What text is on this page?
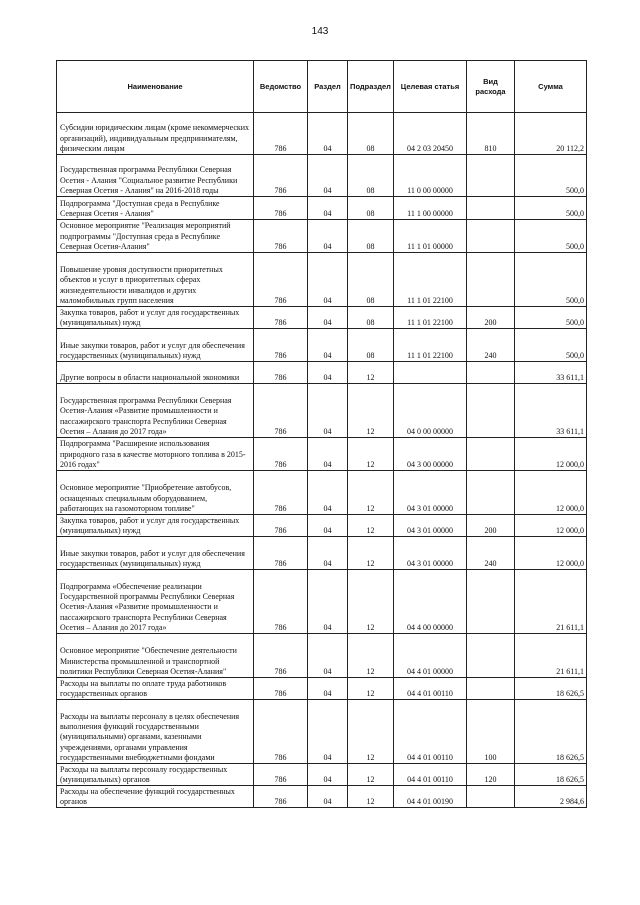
143
Наименование	Ведомство	Раздел	Подраздел	Целевая статья	Вид расхода	Сумма
Субсидии юридическим лицам (кроме некоммерческих организаций), индивидуальным предпринимателям, физическим лицам	786	04	08	04 2 03 20450	810	20 112,2
Государственная программа Республики Северная Осетия - Алания "Социальное развитие Республики Северная Осетия - Алания" на 2016-2018 годы	786	04	08	11 0 00 00000		500,0
Подпрограмма "Доступная среда в Республике Северная Осетия - Алания"	786	04	08	11 1 00 00000		500,0
Основное мероприятие "Реализация мероприятий подпрограммы "Доступная среда в Республике Северная Осетия-Алания"	786	04	08	11 1 01 00000		500,0
Повышение уровня доступности приоритетных объектов и услуг в приоритетных сферах жизнедеятельности инвалидов и других маломобильных групп населения	786	04	08	11 1 01 22100		500,0
Закупка товаров, работ и услуг для государственных (муниципальных) нужд	786	04	08	11 1 01 22100	200	500,0
Иные закупки товаров, работ и услуг для обеспечения государственных (муниципальных) нужд	786	04	08	11 1 01 22100	240	500,0
Другие вопросы в области национальной экономики	786	04	12			33 611,1
Государственная программа Республики Северная Осетия-Алания «Развитие промышленности и пассажирского транспорта Республики Северная Осетия – Алания до 2017 года»	786	04	12	04 0 00 00000		33 611,1
Подпрограмма "Расширение использования природного газа в качестве моторного топлива в 2015-2016 годах"	786	04	12	04 3 00 00000		12 000,0
Основное мероприятие "Приобретение автобусов, оснащенных специальным оборудованием, работающих на газомоторном топливе"	786	04	12	04 3 01 00000		12 000,0
Закупка товаров, работ и услуг для государственных (муниципальных) нужд	786	04	12	04 3 01 00000	200	12 000,0
Иные закупки товаров, работ и услуг для обеспечения государственных (муниципальных) нужд	786	04	12	04 3 01 00000	240	12 000,0
Подпрограмма «Обеспечение реализации Государственной программы Республики Северная Осетия-Алания «Развитие промышленности и пассажирского транспорта Республики Северная Осетия – Алания до 2017 года»	786	04	12	04 4 00 00000		21 611,1
Основное мероприятие "Обеспечение деятельности Министерства промышленной и транспортной политики Республики Северная Осетия-Алания"	786	04	12	04 4 01 00000		21 611,1
Расходы на выплаты по оплате труда работников государственных органов	786	04	12	04 4 01 00110		18 626,5
Расходы на выплаты персоналу в целях обеспечения выполнения функций государственными (муниципальными) органами, казенными учреждениями, органами управления государственными внебюджетными фондами	786	04	12	04 4 01 00110	100	18 626,5
Расходы на выплаты персоналу государственных (муниципальных) органов	786	04	12	04 4 01 00110	120	18 626,5
Расходы на обеспечение функций государственных органов	786	04	12	04 4 01 00190		2 984,6
